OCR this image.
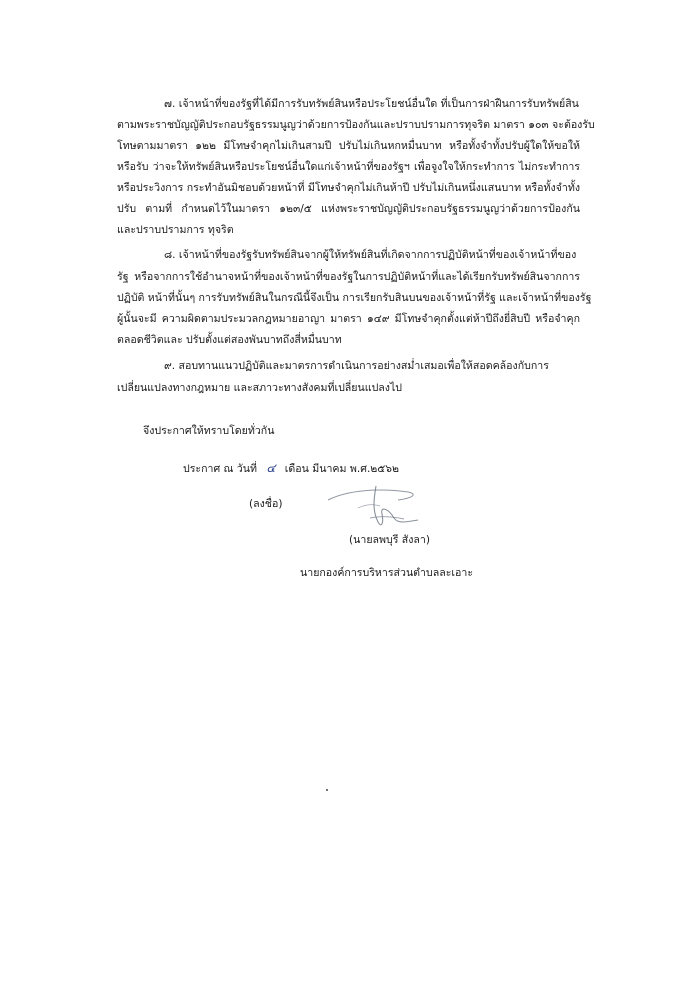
๗. เจ้าหน้าที่ของรัฐที่ได้มีการรับทรัพย์สินหรือประโยชน์อื่นใด ที่เป็นการฝ่าฝืนการรับทรัพย์สิน
ตามพระราชบัญญัติประกอบรัฐธรรมนูญว่าด้วยการป้องกันและปราบปรามการทุจริต มาตรา ๑๐๓ จะต้องรับ
โทษตามมาตรา ๑๒๒ มีโทษจำคุกไม่เกินสามปี ปรับไม่เกินหกหมื่นบาท หรือทั้งจำทั้งปรับผู้ใดให้ขอให้
หรือรับ ว่าจะให้ทรัพย์สินหรือประโยชน์อื่นใดแก่เจ้าหน้าที่ของรัฐฯ เพื่อจูงใจให้กระทำการ ไม่กระทำการ
หรือประวิงการ กระทำอันมิชอบด้วยหน้าที่ มีโทษจำคุกไม่เกินห้าปี ปรับไม่เกินหนึ่งแสนบาท หรือทั้งจำทั้ง
ปรับ ตามที่ กำหนดไว้ในมาตรา ๑๒๓/๕ แห่งพระราชบัญญัติประกอบรัฐธรรมนูญว่าด้วยการป้องกัน
และปราบปรามการ ทุจริต
๘. เจ้าหน้าที่ของรัฐรับทรัพย์สินจากผู้ให้ทรัพย์สินที่เกิดจากการปฏิบัติหน้าที่ของเจ้าหน้าที่ของ
รัฐ หรือจากการใช้อำนาจหน้าที่ของเจ้าหน้าที่ของรัฐในการปฏิบัติหน้าที่และได้เรียกรับทรัพย์สินจากการ
ปฏิบัติ หน้าที่นั้นๆ การรับทรัพย์สินในกรณีนี้จึงเป็น การเรียกรับสินบนของเจ้าหน้าที่รัฐ และเจ้าหน้าที่ของรัฐ
ผู้นั้นจะมี ความผิดตามประมวลกฎหมายอาญา มาตรา ๑๔๙ มีโทษจำคุกตั้งแต่ห้าปีถึงยี่สิบปี หรือจำคุก
ตลอดชีวิตและ ปรับตั้งแต่สองพันบาทถึงสี่หมื่นบาท
๙. สอบทานแนวปฏิบัติและมาตรการดำเนินการอย่างสม่ำเสมอเพื่อให้สอดคล้องกับการ
เปลี่ยนแปลงทางกฎหมาย และสภาวะทางสังคมที่เปลี่ยนแปลงไป
จึงประกาศให้ทราบโดยทั่วกัน
ประกาศ ณ วันที่ ๔ เดือน มีนาคม พ.ศ.๒๕๖๒
(ลงชื่อ)
(นายลพบุรี สังลา)
นายกองค์การบริหารส่วนตำบลละเอาะ
